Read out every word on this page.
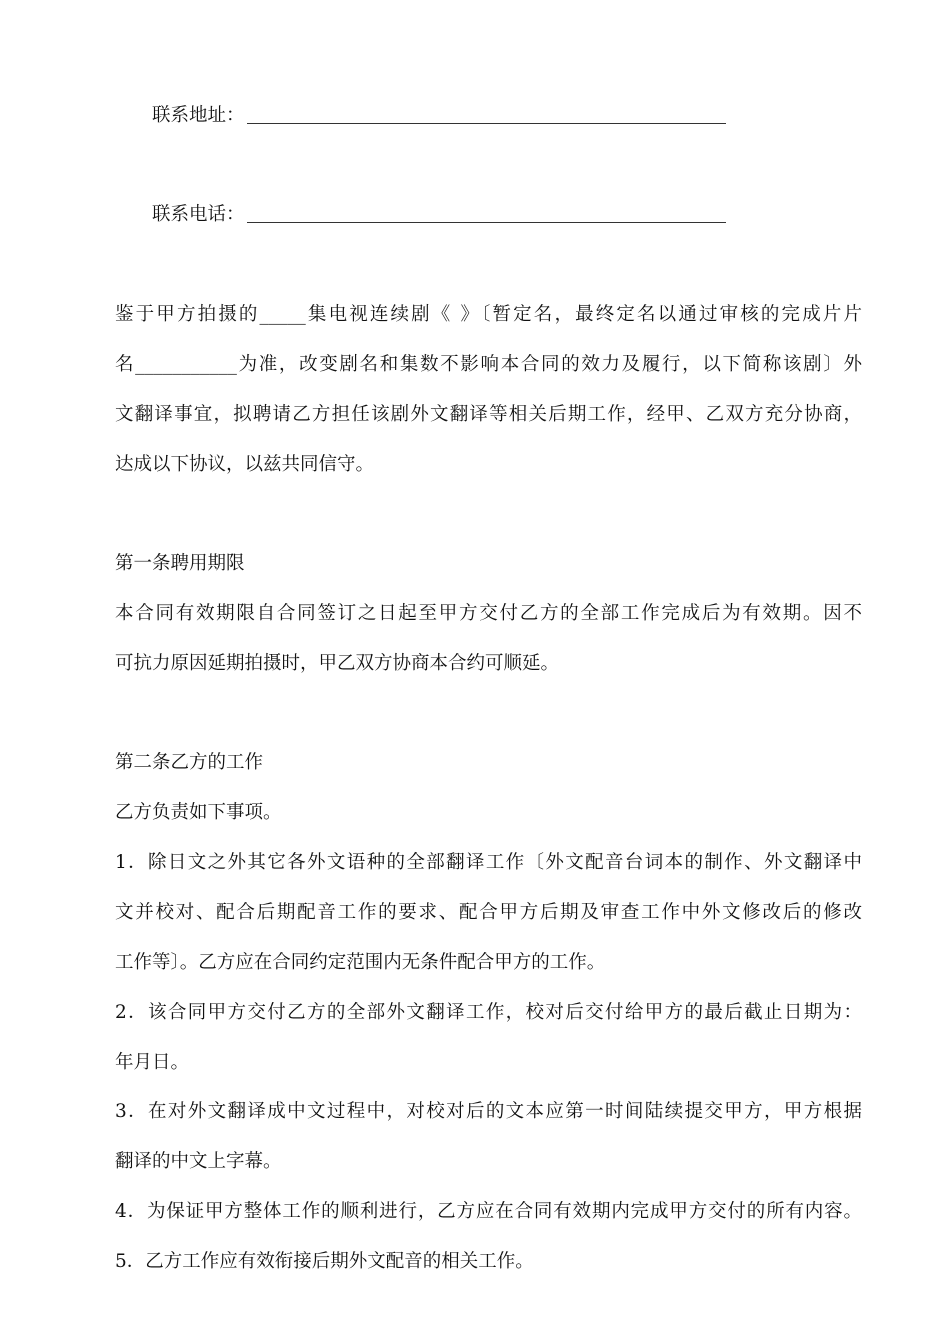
联系地址：
联系电话：
鉴于甲方拍摄的_____集电视连续剧《 》〔暂定名，最终定名以通过审核的完成片片
名___________为准，改变剧名和集数不影响本合同的效力及履行，以下简称该剧〕外
文翻译事宜，拟聘请乙方担任该剧外文翻译等相关后期工作，经甲、乙双方充分协商，
达成以下协议，以兹共同信守。
第一条聘用期限
本合同有效期限自合同签订之日起至甲方交付乙方的全部工作完成后为有效期。因不
可抗力原因延期拍摄时，甲乙双方协商本合约可顺延。
第二条乙方的工作
乙方负责如下事项。
1．除日文之外其它各外文语种的全部翻译工作〔外文配音台词本的制作、外文翻译中
文并校对、配合后期配音工作的要求、配合甲方后期及审查工作中外文修改后的修改
工作等〕。乙方应在合同约定范围内无条件配合甲方的工作。
2．该合同甲方交付乙方的全部外文翻译工作，校对后交付给甲方的最后截止日期为：
年月日。
3．在对外文翻译成中文过程中，对校对后的文本应第一时间陆续提交甲方，甲方根据
翻译的中文上字幕。
4．为保证甲方整体工作的顺利进行，乙方应在合同有效期内完成甲方交付的所有内容。
5．乙方工作应有效衔接后期外文配音的相关工作。
